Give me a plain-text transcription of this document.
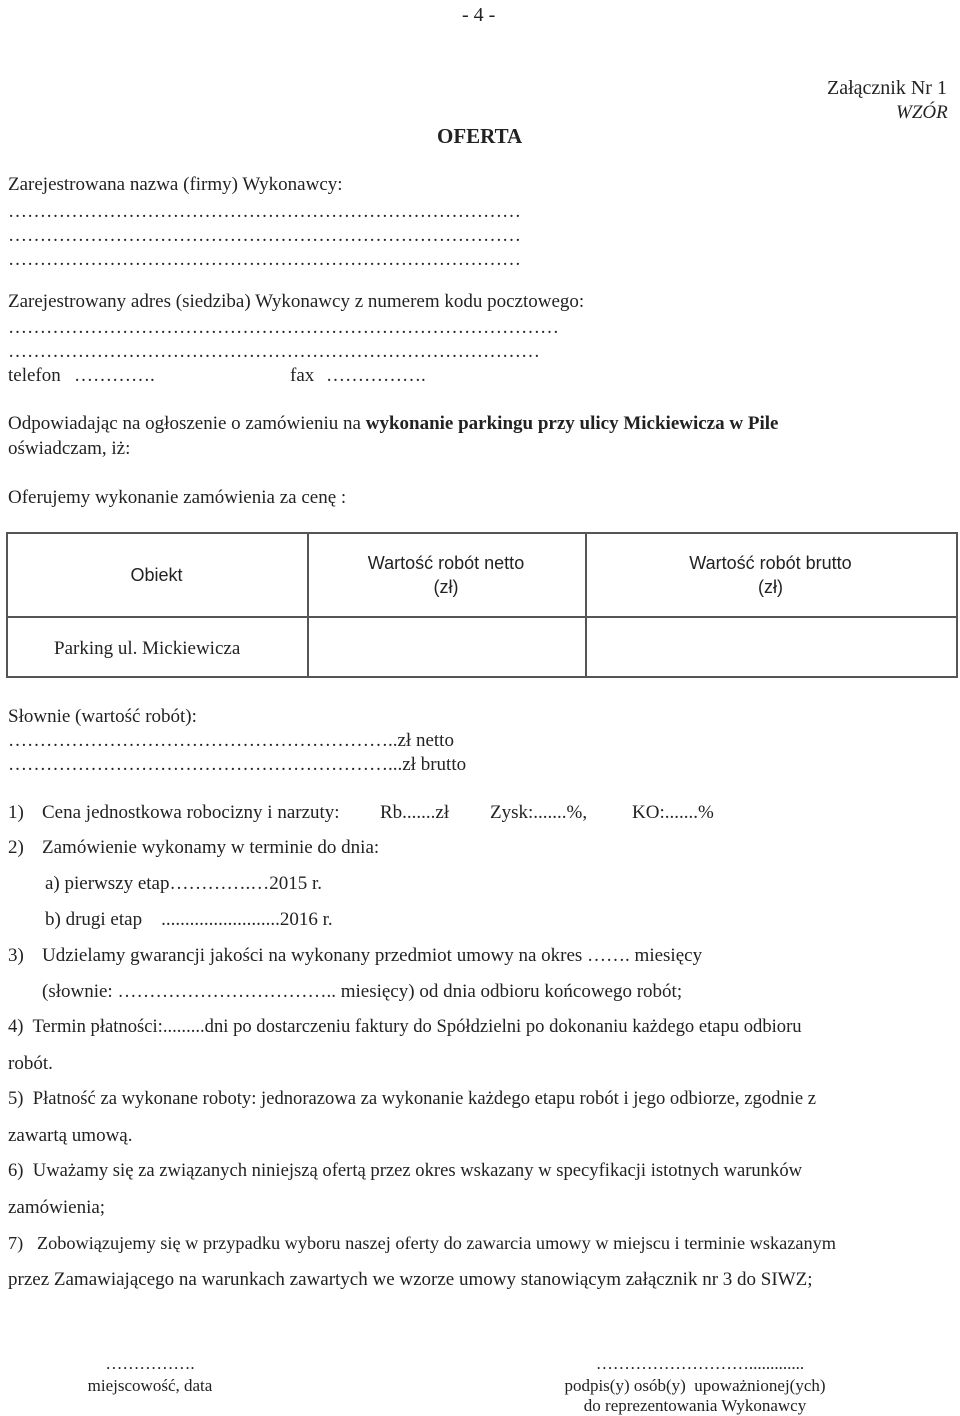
- 4 -
Załącznik Nr 1
WZÓR
OFERTA
Zarejestrowana nazwa (firmy) Wykonawcy:
………………………………………………………………………
………………………………………………………………………
………………………………………………………………………
Zarejestrowany adres (siedziba) Wykonawcy z numerem kodu pocztowego:
……………………………………………………………………………
…………………………………………………………………………
telefon ………….	fax …………….
Odpowiadając na ogłoszenie o zamówieniu na wykonanie parkingu przy ulicy Mickiewicza w Pile
oświadczam, iż:
Oferujemy wykonanie zamówienia za cenę :
Obiekt
Wartość robót netto
(zł)
Wartość robót brutto
(zł)
Parking ul. Mickiewicza
Słownie (wartość robót):
……………………………………………………..zł netto
……………………………………………………...zł brutto
1) Cena jednostkowa robocizny i narzuty: Rb.......zł Zysk:.......%, KO:.......%
2) Zamówienie wykonamy w terminie do dnia:
a) pierwszy etap………….…2015 r.
b) drugi etap    .........................2016 r.
3) Udzielamy gwarancji jakości na wykonany przedmiot umowy na okres ……. miesięcy
(słownie: …………………………….. miesięcy) od dnia odbioru końcowego robót;
4)  Termin płatności:.........dni po dostarczeniu faktury do Spółdzielni po dokonaniu każdego etapu odbioru
robót.
5)  Płatność za wykonane roboty: jednorazowa za wykonanie każdego etapu robót i jego odbiorze, zgodnie z
zawartą umową.
6)  Uważamy się za związanych niniejszą ofertą przez okres wskazany w specyfikacji istotnych warunków
zamówienia;
7)   Zobowiązujemy się w przypadku wyboru naszej oferty do zawarcia umowy w miejscu i terminie wskazanym
przez Zamawiającego na warunkach zawartych we wzorze umowy stanowiącym załącznik nr 3 do SIWZ;
…………….
miejscowość, data
……………………….............
podpis(y) osób(y)  upoważnionej(ych)
do reprezentowania Wykonawcy
